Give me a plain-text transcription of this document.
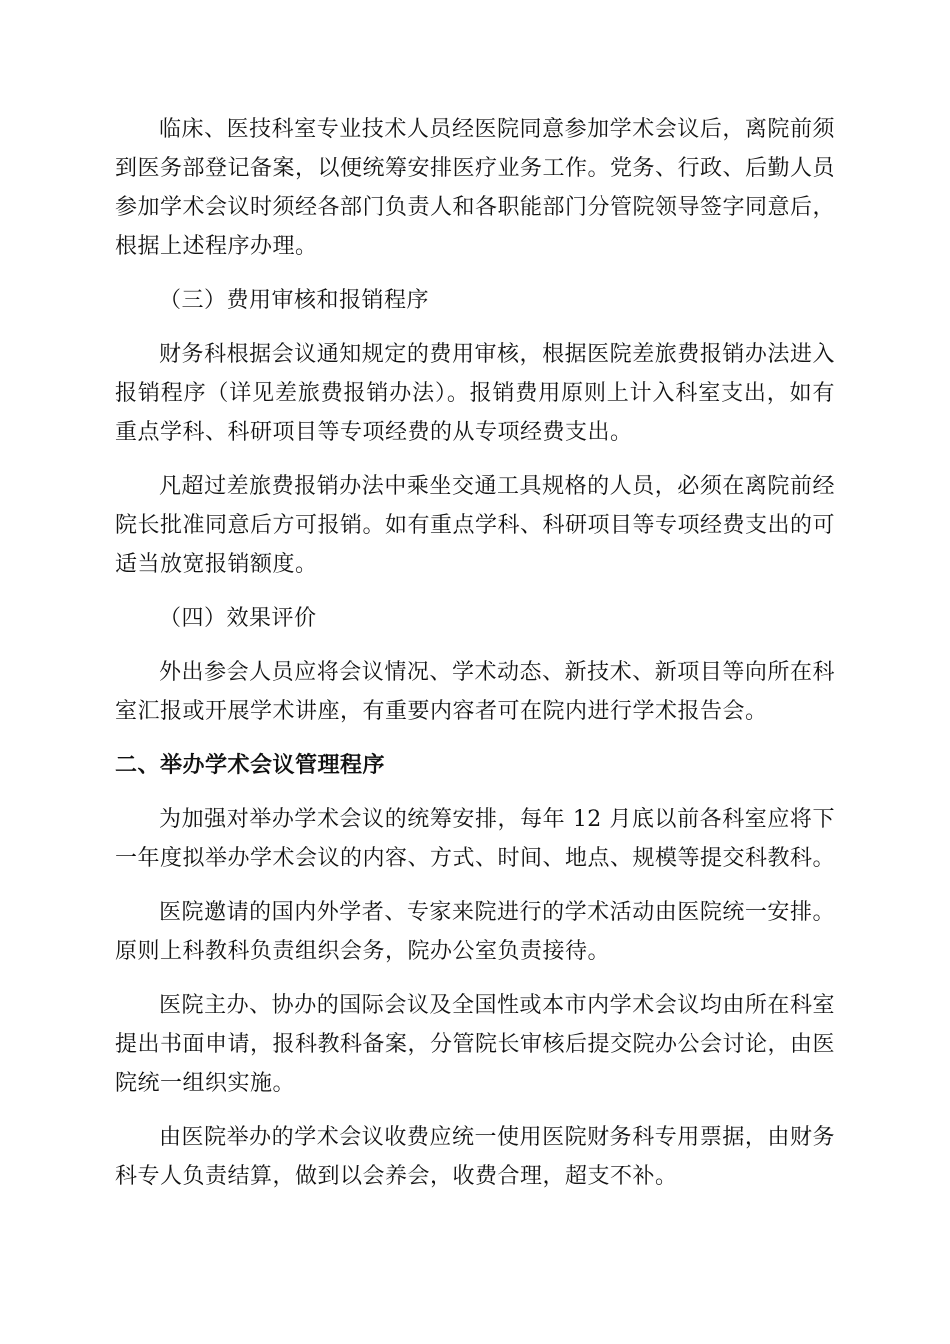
临床、医技科室专业技术人员经医院同意参加学术会议后，离院前须到医务部登记备案，以便统筹安排医疗业务工作。党务、行政、后勤人员参加学术会议时须经各部门负责人和各职能部门分管院领导签字同意后，根据上述程序办理。

（三）费用审核和报销程序

财务科根据会议通知规定的费用审核，根据医院差旅费报销办法进入报销程序（详见差旅费报销办法）。报销费用原则上计入科室支出，如有重点学科、科研项目等专项经费的从专项经费支出。

凡超过差旅费报销办法中乘坐交通工具规格的人员，必须在离院前经院长批准同意后方可报销。如有重点学科、科研项目等专项经费支出的可适当放宽报销额度。

（四）效果评价

外出参会人员应将会议情况、学术动态、新技术、新项目等向所在科室汇报或开展学术讲座，有重要内容者可在院内进行学术报告会。

二、举办学术会议管理程序

为加强对举办学术会议的统筹安排，每年 12 月底以前各科室应将下一年度拟举办学术会议的内容、方式、时间、地点、规模等提交科教科。

医院邀请的国内外学者、专家来院进行的学术活动由医院统一安排。原则上科教科负责组织会务，院办公室负责接待。

医院主办、协办的国际会议及全国性或本市内学术会议均由所在科室提出书面申请，报科教科备案，分管院长审核后提交院办公会讨论，由医院统一组织实施。

由医院举办的学术会议收费应统一使用医院财务科专用票据，由财务科专人负责结算，做到以会养会，收费合理，超支不补。
